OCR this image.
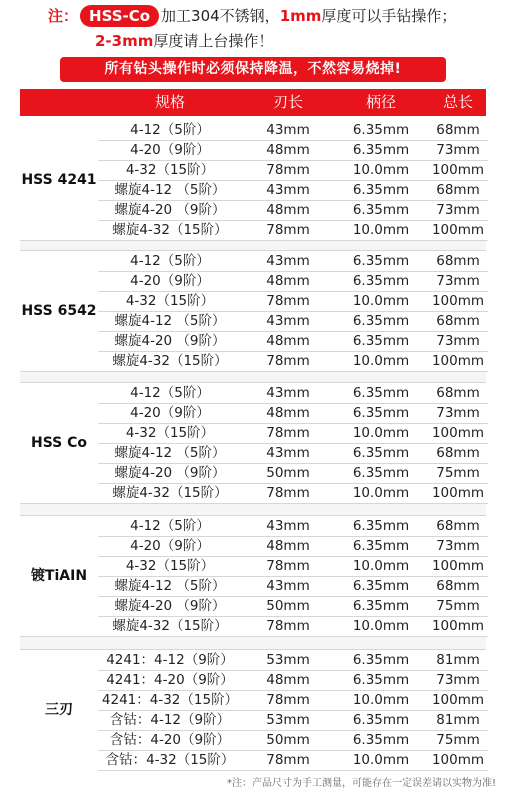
注： HSS-Co 加工304不锈钢，1mm厚度可以手钻操作；
2-3mm厚度请上台操作！
所有钻头操作时必须保持降温，不然容易烧掉!
规格	刃长	柄径	总长
HSS 4241
4-12（5阶）	43mm	6.35mm	68mm
4-20（9阶）	48mm	6.35mm	73mm
4-32（15阶）	78mm	10.0mm	100mm
螺旋4-12 （5阶）	43mm	6.35mm	68mm
螺旋4-20 （9阶）	48mm	6.35mm	73mm
螺旋4-32（15阶）	78mm	10.0mm	100mm
HSS 6542
4-12（5阶）	43mm	6.35mm	68mm
4-20（9阶）	48mm	6.35mm	73mm
4-32（15阶）	78mm	10.0mm	100mm
螺旋4-12 （5阶）	43mm	6.35mm	68mm
螺旋4-20 （9阶）	48mm	6.35mm	73mm
螺旋4-32（15阶）	78mm	10.0mm	100mm
HSS Co
4-12（5阶）	43mm	6.35mm	68mm
4-20（9阶）	48mm	6.35mm	73mm
4-32（15阶）	78mm	10.0mm	100mm
螺旋4-12 （5阶）	43mm	6.35mm	68mm
螺旋4-20 （9阶）	50mm	6.35mm	75mm
螺旋4-32（15阶）	78mm	10.0mm	100mm
镀TiAIN
4-12（5阶）	43mm	6.35mm	68mm
4-20（9阶）	48mm	6.35mm	73mm
4-32（15阶）	78mm	10.0mm	100mm
螺旋4-12 （5阶）	43mm	6.35mm	68mm
螺旋4-20 （9阶）	50mm	6.35mm	75mm
螺旋4-32（15阶）	78mm	10.0mm	100mm
三刃
4241：4-12（9阶）	53mm	6.35mm	81mm
4241：4-20（9阶）	48mm	6.35mm	73mm
4241：4-32（15阶）	78mm	10.0mm	100mm
含钴：4-12（9阶）	53mm	6.35mm	81mm
含钴：4-20（9阶）	50mm	6.35mm	75mm
含钴：4-32（15阶）	78mm	10.0mm	100mm
*注：产品尺寸为手工测量，可能存在一定误差请以实物为准!
